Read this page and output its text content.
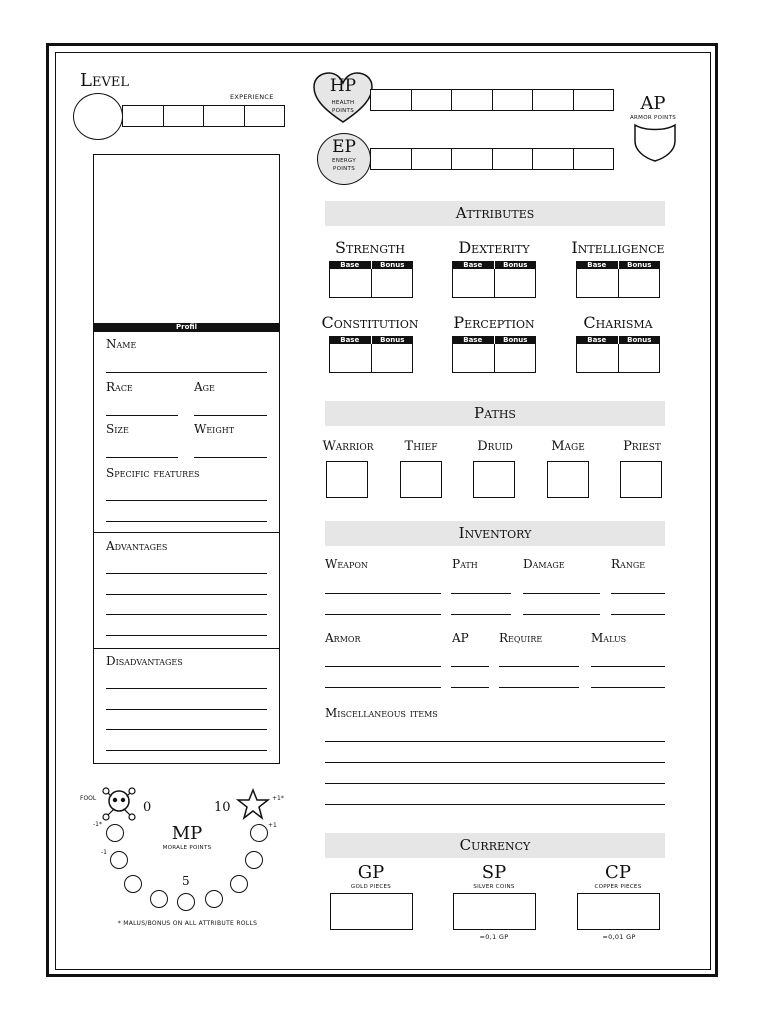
Level
EXPERIENCE
HP
HEALTH POINTS
EP
ENERGY POINTS
AP
ARMOR POINTS
Profil
Name
Race	Age
Size	Weight
Specific features
Advantages
Disadvantages
FOOL
0	10
+1*
-1*	+1
-1
MP
MORALE POINTS
5
* MALUS/BONUS ON ALL ATTRIBUTE ROLLS
Attributes
Strength	Dexterity	Intelligence
Base	Bonus	Base	Bonus	Base	Bonus
Constitution	Perception	Charisma
Base	Bonus	Base	Bonus	Base	Bonus
Paths
Warrior	Thief	Druid	Mage	Priest
Inventory
Weapon	Path	Damage	Range
Armor	AP	Require	Malus
Miscellaneous items
Currency
GP
GOLD PIECES
SP
SILVER COINS
=0,1 GP
CP
COPPER PIECES
=0,01 GP
